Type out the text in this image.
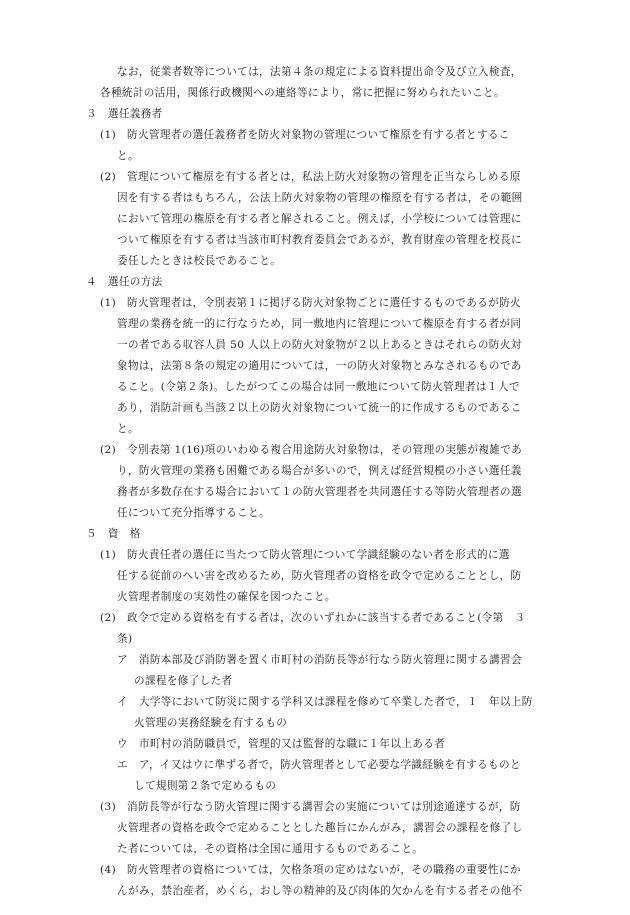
なお，従業者数等については，法第４条の規定による資料提出命令及び立入検査，
各種統計の活用，関係行政機関への連絡等により，常に把握に努められたいこと。
３　選任義務者
(1)　防火管理者の選任義務者を防火対象物の管理について権原を有する者とするこ
と。
(2)　管理について権原を有する者とは，私法上防火対象物の管理を正当ならしめる原
因を有する者はもちろん，公法上防火対象物の管理の権原を有する者は，その範囲
において管理の権原を有する者と解されること。例えば，小学校については管理に
ついて権原を有する者は当該市町村教育委員会であるが，教育財産の管理を校長に
委任したときは校長であること。
４　選任の方法
(1)　防火管理者は，令別表第１に掲げる防火対象物ごとに選任するものであるが防火
管理の業務を統一的に行なうため，同一敷地内に管理について権原を有する者が同
一の者である収容人員 50 人以上の防火対象物が２以上あるときはそれらの防火対
象物は，法第８条の規定の適用については，一の防火対象物とみなされるものであ
ること。(令第２条)。したがつてこの場合は同一敷地について防火管理者は１人で
あり，消防計画も当該２以上の防火対象物について統一的に作成するものであるこ
と。
(2)　令別表第 1(16)項のいわゆる複合用途防火対象物は，その管理の実態が複雑であ
り，防火管理の業務も困難である場合が多いので，例えば経営規模の小さい選任義
務者が多数存在する場合において１の防火管理者を共同選任する等防火管理者の選
任について充分指導すること。
５　資　格
(1)　防火責任者の選任に当たつて防火管理について学識経験のない者を形式的に選
任する従前のへい害を改めるため，防火管理者の資格を政令で定めることとし，防
火管理者制度の実効性の確保を図つたこと。
(2)　政令で定める資格を有する者は，次のいずれかに該当する者であること(令第　３
条)
ア　消防本部及び消防署を置く市町村の消防長等が行なう防火管理に関する講習会
の課程を修了した者
イ　大学等において防災に関する学科又は課程を修めて卒業した者で，１　年以上防
火管理の実務経験を有するもの
ウ　市町村の消防職員で，管理的又は監督的な職に１年以上ある者
エ　ア，イ又はウに準ずる者で，防火管理者として必要な学識経験を有するものと
して規則第２条で定めるもの
(3)　消防長等が行なう防火管理に関する講習会の実施については別途通達するが，防
火管理者の資格を政令で定めることとした趣旨にかんがみ，講習会の課程を修了し
た者については，その資格は全国に通用するものであること。
(4)　防火管理者の資格については，欠格条項の定めはないが，その職務の重要性にか
んがみ，禁治産者，めくら，おし等の精神的及び肉体的欠かんを有する者その他不
